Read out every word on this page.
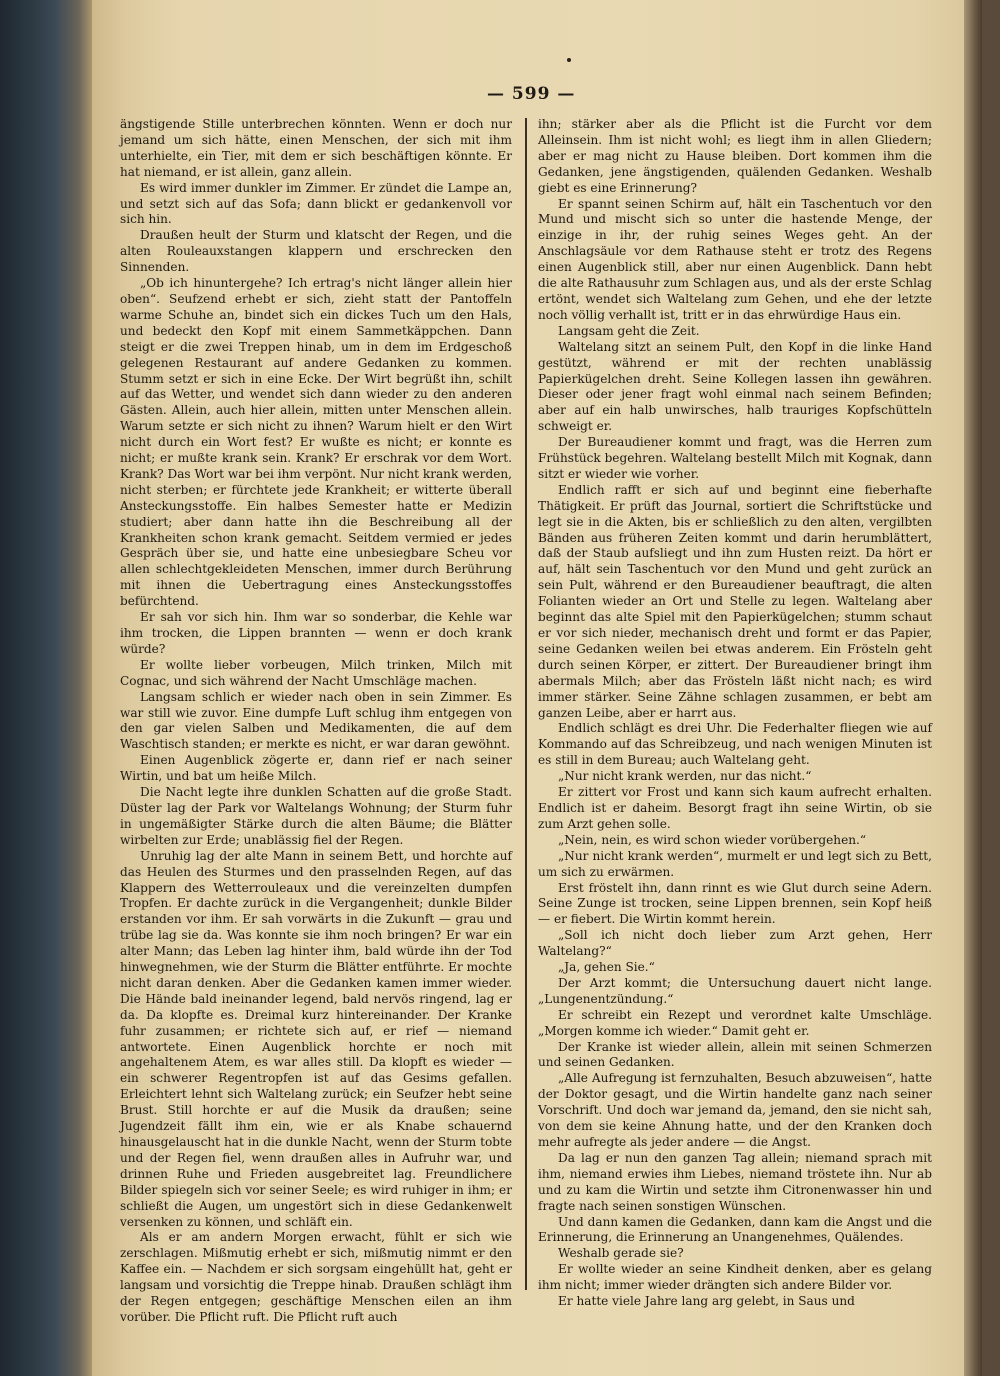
— 599 —

ängstigende Stille unterbrechen könnten. Wenn er doch nur jemand um sich hätte, einen Menschen, der sich mit ihm unterhielte, ein Tier, mit dem er sich beschäftigen könnte. Er hat niemand, er ist allein, ganz allein.

Es wird immer dunkler im Zimmer. Er zündet die Lampe an, und setzt sich auf das Sofa; dann blickt er gedankenvoll vor sich hin.

Draußen heult der Sturm und klatscht der Regen, und die alten Rouleauxstangen klappern und erschrecken den Sinnenden.

„Ob ich hinuntergehe? Ich ertrag's nicht länger allein hier oben“. Seufzend erhebt er sich, zieht statt der Pantoffeln warme Schuhe an, bindet sich ein dickes Tuch um den Hals, und bedeckt den Kopf mit einem Sammetkäppchen. Dann steigt er die zwei Treppen hinab, um in dem im Erdgeschoß gelegenen Restaurant auf andere Gedanken zu kommen. Stumm setzt er sich in eine Ecke. Der Wirt begrüßt ihn, schilt auf das Wetter, und wendet sich dann wieder zu den anderen Gästen. Allein, auch hier allein, mitten unter Menschen allein. Warum setzte er sich nicht zu ihnen? Warum hielt er den Wirt nicht durch ein Wort fest? Er wußte es nicht; er konnte es nicht; er mußte krank sein. Krank? Er erschrak vor dem Wort. Krank? Das Wort war bei ihm verpönt. Nur nicht krank werden, nicht sterben; er fürchtete jede Krankheit; er witterte überall Ansteckungsstoffe. Ein halbes Semester hatte er Medizin studiert; aber dann hatte ihn die Beschreibung all der Krankheiten schon krank gemacht. Seitdem vermied er jedes Gespräch über sie, und hatte eine unbesiegbare Scheu vor allen schlechtgekleideten Menschen, immer durch Berührung mit ihnen die Uebertragung eines Ansteckungsstoffes befürchtend.

Er sah vor sich hin. Ihm war so sonderbar, die Kehle war ihm trocken, die Lippen brannten — wenn er doch krank würde?

Er wollte lieber vorbeugen, Milch trinken, Milch mit Cognac, und sich während der Nacht Umschläge machen.

Langsam schlich er wieder nach oben in sein Zimmer. Es war still wie zuvor. Eine dumpfe Luft schlug ihm entgegen von den gar vielen Salben und Medikamenten, die auf dem Waschtisch standen; er merkte es nicht, er war daran gewöhnt.

Einen Augenblick zögerte er, dann rief er nach seiner Wirtin, und bat um heiße Milch.

Die Nacht legte ihre dunklen Schatten auf die große Stadt. Düster lag der Park vor Waltelangs Wohnung; der Sturm fuhr in ungemäßigter Stärke durch die alten Bäume; die Blätter wirbelten zur Erde; unablässig fiel der Regen.

Unruhig lag der alte Mann in seinem Bett, und horchte auf das Heulen des Sturmes und den prasselnden Regen, auf das Klappern des Wetterrouleaux und die vereinzelten dumpfen Tropfen. Er dachte zurück in die Vergangenheit; dunkle Bilder erstanden vor ihm. Er sah vorwärts in die Zukunft — grau und trübe lag sie da. Was konnte sie ihm noch bringen? Er war ein alter Mann; das Leben lag hinter ihm, bald würde ihn der Tod hinwegnehmen, wie der Sturm die Blätter entführte. Er mochte nicht daran denken. Aber die Gedanken kamen immer wieder. Die Hände bald ineinander legend, bald nervös ringend, lag er da. Da klopfte es. Dreimal kurz hintereinander. Der Kranke fuhr zusammen; er richtete sich auf, er rief — niemand antwortete. Einen Augenblick horchte er noch mit angehaltenem Atem, es war alles still. Da klopft es wieder — ein schwerer Regentropfen ist auf das Gesims gefallen. Erleichtert lehnt sich Waltelang zurück; ein Seufzer hebt seine Brust. Still horchte er auf die Musik da draußen; seine Jugendzeit fällt ihm ein, wie er als Knabe schauernd hinausgelauscht hat in die dunkle Nacht, wenn der Sturm tobte und der Regen fiel, wenn draußen alles in Aufruhr war, und drinnen Ruhe und Frieden ausgebreitet lag. Freundlichere Bilder spiegeln sich vor seiner Seele; es wird ruhiger in ihm; er schließt die Augen, um ungestört sich in diese Gedankenwelt versenken zu können, und schläft ein.

Als er am andern Morgen erwacht, fühlt er sich wie zerschlagen. Mißmutig erhebt er sich, mißmutig nimmt er den Kaffee ein. — Nachdem er sich sorgsam eingehüllt hat, geht er langsam und vorsichtig die Treppe hinab. Draußen schlägt ihm der Regen entgegen; geschäftige Menschen eilen an ihm vorüber. Die Pflicht ruft. Die Pflicht ruft auch

ihn; stärker aber als die Pflicht ist die Furcht vor dem Alleinsein. Ihm ist nicht wohl; es liegt ihm in allen Gliedern; aber er mag nicht zu Hause bleiben. Dort kommen ihm die Gedanken, jene ängstigenden, quälenden Gedanken. Weshalb giebt es eine Erinnerung?

Er spannt seinen Schirm auf, hält ein Taschentuch vor den Mund und mischt sich so unter die hastende Menge, der einzige in ihr, der ruhig seines Weges geht. An der Anschlagsäule vor dem Rathause steht er trotz des Regens einen Augenblick still, aber nur einen Augenblick. Dann hebt die alte Rathausuhr zum Schlagen aus, und als der erste Schlag ertönt, wendet sich Waltelang zum Gehen, und ehe der letzte noch völlig verhallt ist, tritt er in das ehrwürdige Haus ein.

Langsam geht die Zeit.

Waltelang sitzt an seinem Pult, den Kopf in die linke Hand gestützt, während er mit der rechten unablässig Papierkügelchen dreht. Seine Kollegen lassen ihn gewähren. Dieser oder jener fragt wohl einmal nach seinem Befinden; aber auf ein halb unwirsches, halb trauriges Kopfschütteln schweigt er.

Der Bureaudiener kommt und fragt, was die Herren zum Frühstück begehren. Waltelang bestellt Milch mit Kognak, dann sitzt er wieder wie vorher.

Endlich rafft er sich auf und beginnt eine fieberhafte Thätigkeit. Er prüft das Journal, sortiert die Schriftstücke und legt sie in die Akten, bis er schließlich zu den alten, vergilbten Bänden aus früheren Zeiten kommt und darin herumblättert, daß der Staub aufsliegt und ihn zum Husten reizt. Da hört er auf, hält sein Taschentuch vor den Mund und geht zurück an sein Pult, während er den Bureaudiener beauftragt, die alten Folianten wieder an Ort und Stelle zu legen. Waltelang aber beginnt das alte Spiel mit den Papierkügelchen; stumm schaut er vor sich nieder, mechanisch dreht und formt er das Papier, seine Gedanken weilen bei etwas anderem. Ein Frösteln geht durch seinen Körper, er zittert. Der Bureaudiener bringt ihm abermals Milch; aber das Frösteln läßt nicht nach; es wird immer stärker. Seine Zähne schlagen zusammen, er bebt am ganzen Leibe, aber er harrt aus.

Endlich schlägt es drei Uhr. Die Federhalter fliegen wie auf Kommando auf das Schreibzeug, und nach wenigen Minuten ist es still in dem Bureau; auch Waltelang geht.

„Nur nicht krank werden, nur das nicht.“

Er zittert vor Frost und kann sich kaum aufrecht erhalten. Endlich ist er daheim. Besorgt fragt ihn seine Wirtin, ob sie zum Arzt gehen solle.

„Nein, nein, es wird schon wieder vorübergehen.“

„Nur nicht krank werden“, murmelt er und legt sich zu Bett, um sich zu erwärmen.

Erst fröstelt ihn, dann rinnt es wie Glut durch seine Adern. Seine Zunge ist trocken, seine Lippen brennen, sein Kopf heiß — er fiebert. Die Wirtin kommt herein.

„Soll ich nicht doch lieber zum Arzt gehen, Herr Waltelang?“

„Ja, gehen Sie.“

Der Arzt kommt; die Untersuchung dauert nicht lange. „Lungenentzündung.“

Er schreibt ein Rezept und verordnet kalte Umschläge. „Morgen komme ich wieder.“ Damit geht er.

Der Kranke ist wieder allein, allein mit seinen Schmerzen und seinen Gedanken.

„Alle Aufregung ist fernzuhalten, Besuch abzuweisen“, hatte der Doktor gesagt, und die Wirtin handelte ganz nach seiner Vorschrift. Und doch war jemand da, jemand, den sie nicht sah, von dem sie keine Ahnung hatte, und der den Kranken doch mehr aufregte als jeder andere — die Angst.

Da lag er nun den ganzen Tag allein; niemand sprach mit ihm, niemand erwies ihm Liebes, niemand tröstete ihn. Nur ab und zu kam die Wirtin und setzte ihm Citronenwasser hin und fragte nach seinen sonstigen Wünschen.

Und dann kamen die Gedanken, dann kam die Angst und die Erinnerung, die Erinnerung an Unangenehmes, Quälendes.

Weshalb gerade sie?

Er wollte wieder an seine Kindheit denken, aber es gelang ihm nicht; immer wieder drängten sich andere Bilder vor.

Er hatte viele Jahre lang arg gelebt, in Saus und
